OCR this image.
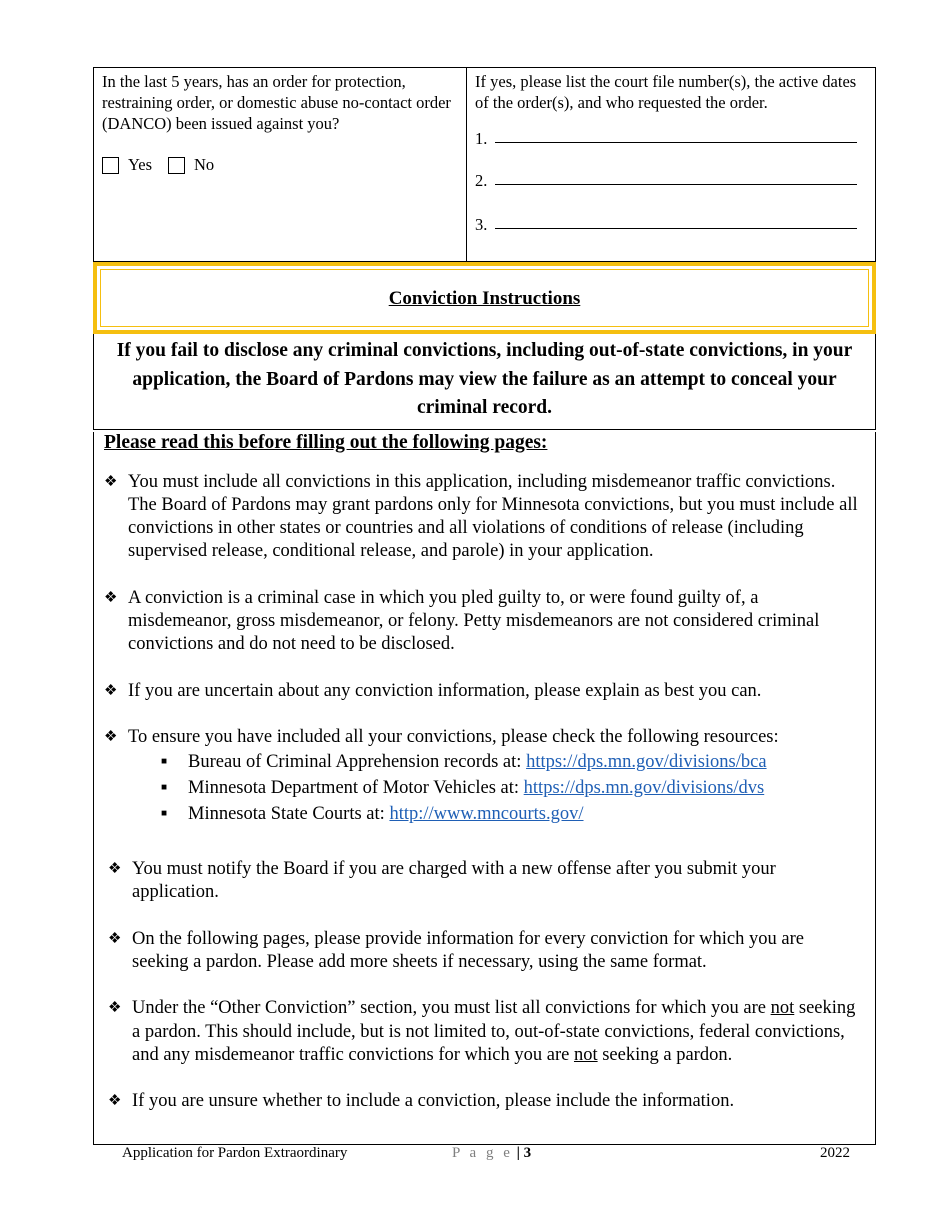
In the last 5 years, has an order for protection, restraining order, or domestic abuse no-contact order (DANCO) been issued against you?
Yes	No
If yes, please list the court file number(s), the active dates of the order(s), and who requested the order.
1.
2.
3.
Conviction Instructions
If you fail to disclose any criminal convictions, including out-of-state convictions, in your application, the Board of Pardons may view the failure as an attempt to conceal your criminal record.
Please read this before filling out the following pages:
❖ You must include all convictions in this application, including misdemeanor traffic convictions. The Board of Pardons may grant pardons only for Minnesota convictions, but you must include all convictions in other states or countries and all violations of conditions of release (including supervised release, conditional release, and parole) in your application.
❖ A conviction is a criminal case in which you pled guilty to, or were found guilty of, a misdemeanor, gross misdemeanor, or felony. Petty misdemeanors are not considered criminal convictions and do not need to be disclosed.
❖ If you are uncertain about any conviction information, please explain as best you can.
❖ To ensure you have included all your convictions, please check the following resources:
■	Bureau of Criminal Apprehension records at: https://dps.mn.gov/divisions/bca
■	Minnesota Department of Motor Vehicles at: https://dps.mn.gov/divisions/dvs
■	Minnesota State Courts at: http://www.mncourts.gov/
❖ You must notify the Board if you are charged with a new offense after you submit your application.
❖ On the following pages, please provide information for every conviction for which you are seeking a pardon. Please add more sheets if necessary, using the same format.
❖ Under the “Other Conviction” section, you must list all convictions for which you are not seeking a pardon. This should include, but is not limited to, out-of-state convictions, federal convictions, and any misdemeanor traffic convictions for which you are not seeking a pardon.
❖ If you are unsure whether to include a conviction, please include the information.
Application for Pardon Extraordinary	P a g e | 3	2022
